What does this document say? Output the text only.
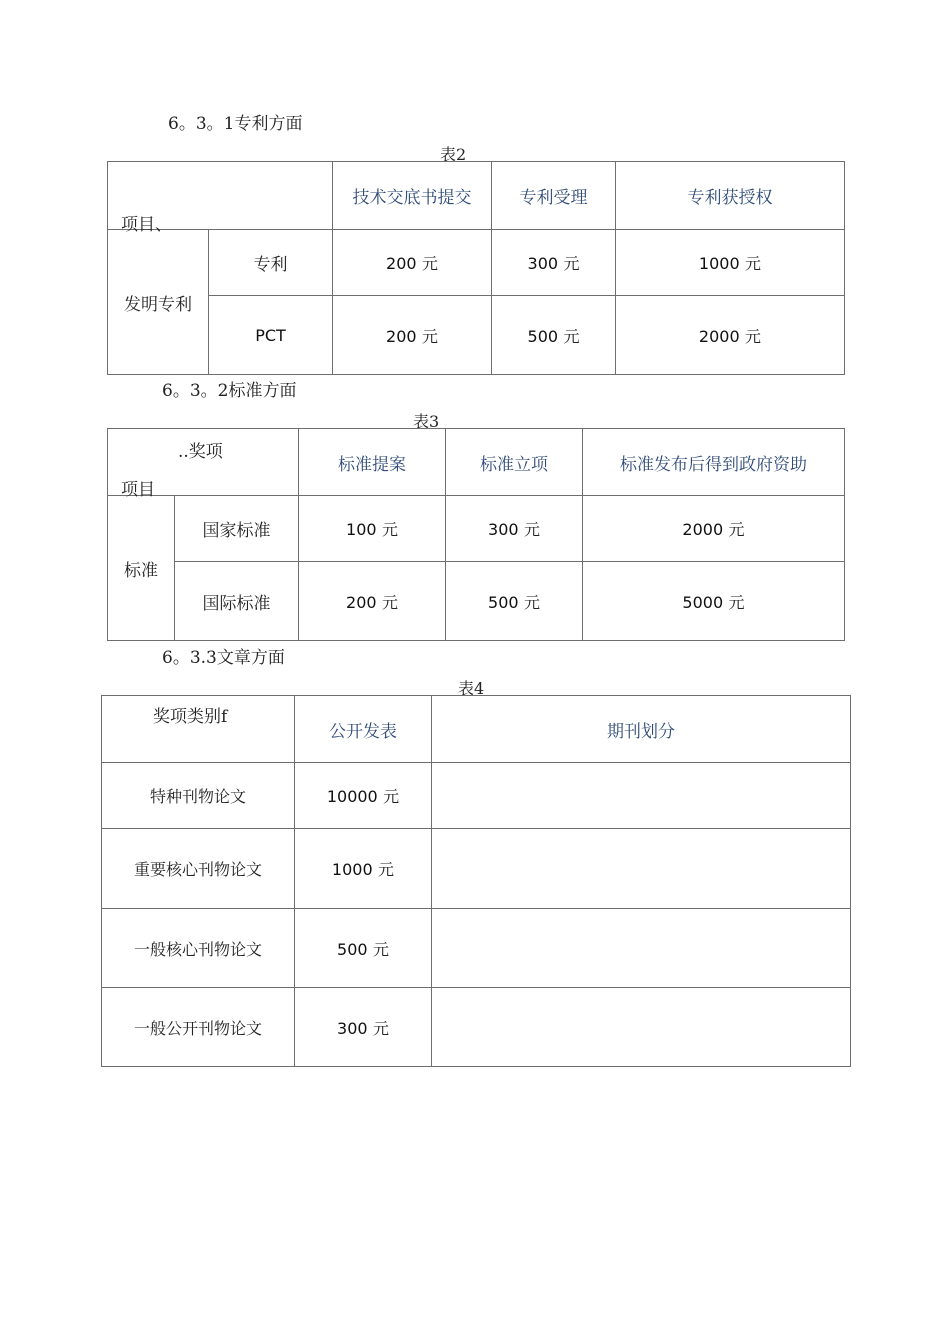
6。3。1专利方面
表2
项目、		技术交底书提交	专利受理	专利获授权
发明专利	专利	200 元	300 元	1000 元
	PCT	200 元	500 元	2000 元
6。3。2标准方面
表3
..奖项
项目		标准提案	标准立项	标准发布后得到政府资助
标准	国家标准	100 元	300 元	2000 元
	国际标准	200 元	500 元	5000 元
6。3.3文章方面
表4
奖项类别f	公开发表	期刊划分
特种刊物论文	10000 元	
重要核心刊物论文	1000 元	
一般核心刊物论文	500 元	
一般公开刊物论文	300 元	
